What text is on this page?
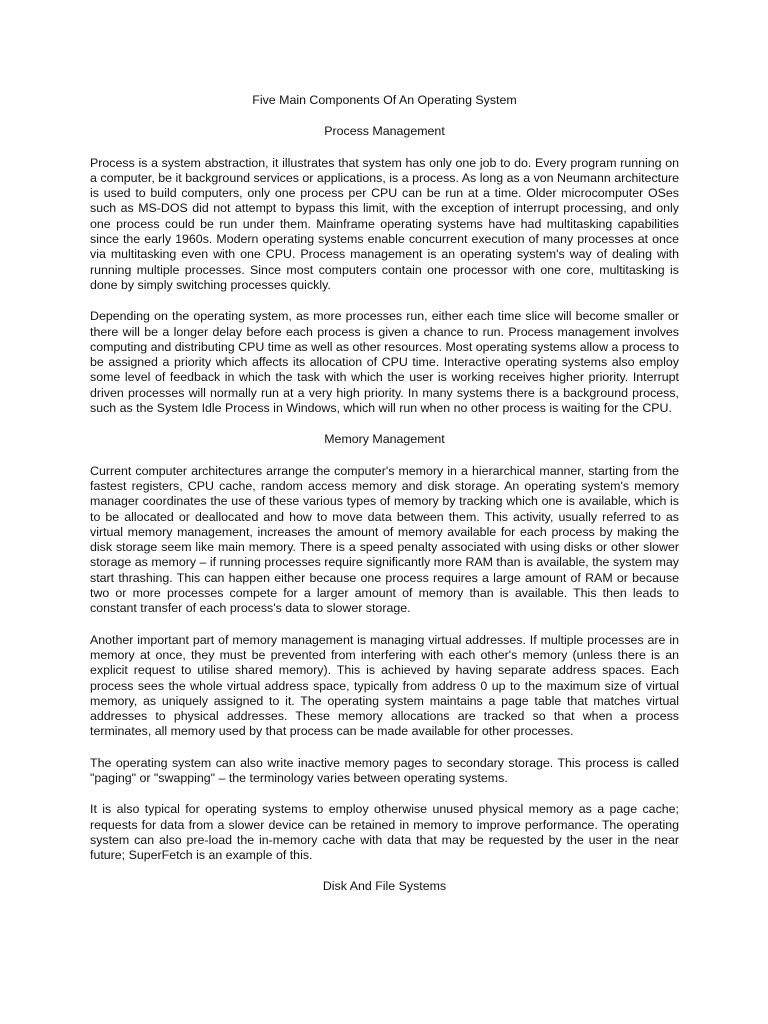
Five Main Components Of An Operating System

Process Management

Process is a system abstraction, it illustrates that system has only one job to do. Every program running on a computer, be it background services or applications, is a process. As long as a von Neumann architecture is used to build computers, only one process per CPU can be run at a time. Older microcomputer OSes such as MS-DOS did not attempt to bypass this limit, with the exception of interrupt processing, and only one process could be run under them. Mainframe operating systems have had multitasking capabilities since the early 1960s. Modern operating systems enable concurrent execution of many processes at once via multitasking even with one CPU. Process management is an operating system's way of dealing with running multiple processes. Since most computers contain one processor with one core, multitasking is done by simply switching processes quickly.

Depending on the operating system, as more processes run, either each time slice will become smaller or there will be a longer delay before each process is given a chance to run. Process management involves computing and distributing CPU time as well as other resources. Most operating systems allow a process to be assigned a priority which affects its allocation of CPU time. Interactive operating systems also employ some level of feedback in which the task with which the user is working receives higher priority. Interrupt driven processes will normally run at a very high priority. In many systems there is a background process, such as the System Idle Process in Windows, which will run when no other process is waiting for the CPU.

Memory Management

Current computer architectures arrange the computer's memory in a hierarchical manner, starting from the fastest registers, CPU cache, random access memory and disk storage. An operating system's memory manager coordinates the use of these various types of memory by tracking which one is available, which is to be allocated or deallocated and how to move data between them. This activity, usually referred to as virtual memory management, increases the amount of memory available for each process by making the disk storage seem like main memory. There is a speed penalty associated with using disks or other slower storage as memory – if running processes require significantly more RAM than is available, the system may start thrashing. This can happen either because one process requires a large amount of RAM or because two or more processes compete for a larger amount of memory than is available. This then leads to constant transfer of each process's data to slower storage.

Another important part of memory management is managing virtual addresses. If multiple processes are in memory at once, they must be prevented from interfering with each other's memory (unless there is an explicit request to utilise shared memory). This is achieved by having separate address spaces. Each process sees the whole virtual address space, typically from address 0 up to the maximum size of virtual memory, as uniquely assigned to it. The operating system maintains a page table that matches virtual addresses to physical addresses. These memory allocations are tracked so that when a process terminates, all memory used by that process can be made available for other processes.

The operating system can also write inactive memory pages to secondary storage. This process is called "paging" or "swapping" – the terminology varies between operating systems.

It is also typical for operating systems to employ otherwise unused physical memory as a page cache; requests for data from a slower device can be retained in memory to improve performance. The operating system can also pre-load the in-memory cache with data that may be requested by the user in the near future; SuperFetch is an example of this.

Disk And File Systems
